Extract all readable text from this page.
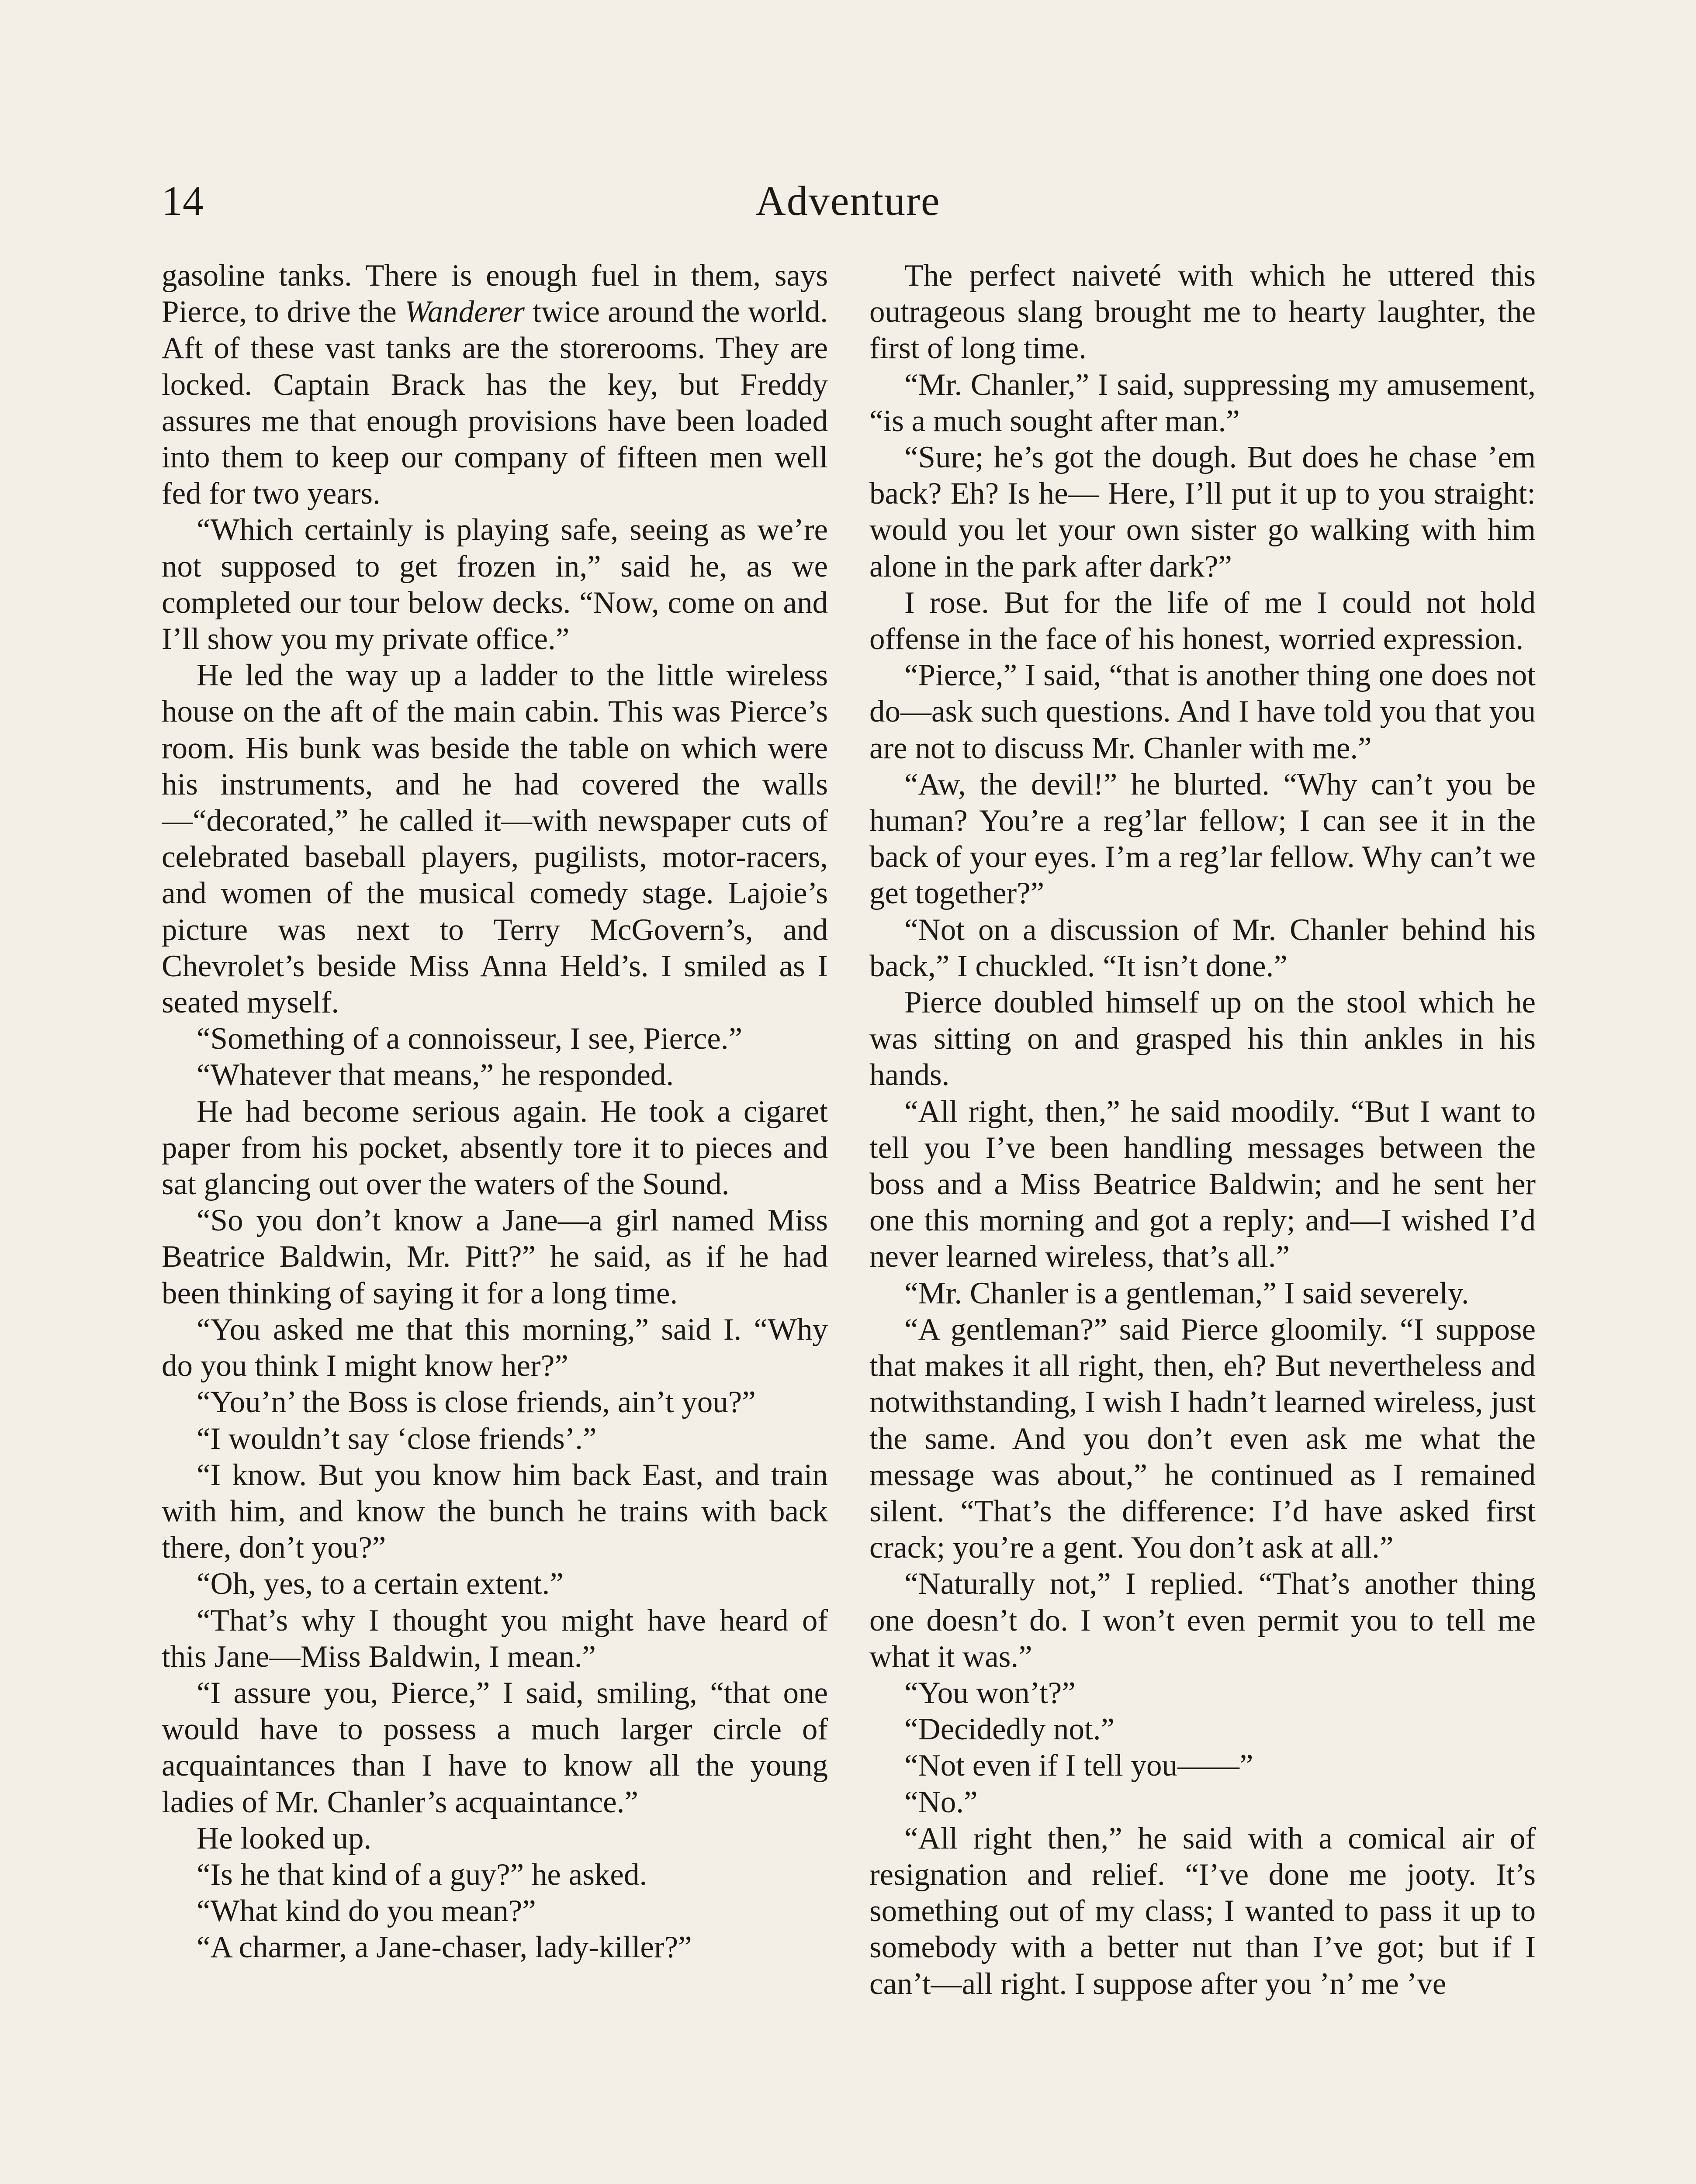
14	Adventure

gasoline tanks. There is enough fuel in them, says Pierce, to drive the Wanderer twice around the world. Aft of these vast tanks are the storerooms. They are locked. Captain Brack has the key, but Freddy assures me that enough provisions have been loaded into them to keep our company of fifteen men well fed for two years.

“Which certainly is playing safe, seeing as we’re not supposed to get frozen in,” said he, as we completed our tour below decks. “Now, come on and I’ll show you my private office.”

He led the way up a ladder to the little wireless house on the aft of the main cabin. This was Pierce’s room. His bunk was beside the table on which were his instruments, and he had covered the walls—“decorated,” he called it—with newspaper cuts of celebrated baseball players, pugilists, motor-racers, and women of the musical comedy stage. Lajoie’s picture was next to Terry McGovern’s, and Chevrolet’s beside Miss Anna Held’s. I smiled as I seated myself.

“Something of a connoisseur, I see, Pierce.”

“Whatever that means,” he responded.

He had become serious again. He took a cigaret paper from his pocket, absently tore it to pieces and sat glancing out over the waters of the Sound.

“So you don’t know a Jane—a girl named Miss Beatrice Baldwin, Mr. Pitt?” he said, as if he had been thinking of saying it for a long time.

“You asked me that this morning,” said I. “Why do you think I might know her?”

“You’n’ the Boss is close friends, ain’t you?”

“I wouldn’t say ‘close friends’.”

“I know. But you know him back East, and train with him, and know the bunch he trains with back there, don’t you?”

“Oh, yes, to a certain extent.”

“That’s why I thought you might have heard of this Jane—Miss Baldwin, I mean.”

“I assure you, Pierce,” I said, smiling, “that one would have to possess a much larger circle of acquaintances than I have to know all the young ladies of Mr. Chanler’s acquaintance.”

He looked up.

“Is he that kind of a guy?” he asked.

“What kind do you mean?”

“A charmer, a Jane-chaser, lady-killer?”

The perfect naiveté with which he uttered this outrageous slang brought me to hearty laughter, the first of long time.

“Mr. Chanler,” I said, suppressing my amusement, “is a much sought after man.”

“Sure; he’s got the dough. But does he chase ’em back? Eh? Is he— Here, I’ll put it up to you straight: would you let your own sister go walking with him alone in the park after dark?”

I rose. But for the life of me I could not hold offense in the face of his honest, worried expression.

“Pierce,” I said, “that is another thing one does not do—ask such questions. And I have told you that you are not to discuss Mr. Chanler with me.”

“Aw, the devil!” he blurted. “Why can’t you be human? You’re a reg’lar fellow; I can see it in the back of your eyes. I’m a reg’lar fellow. Why can’t we get together?”

“Not on a discussion of Mr. Chanler behind his back,” I chuckled. “It isn’t done.”

Pierce doubled himself up on the stool which he was sitting on and grasped his thin ankles in his hands.

“All right, then,” he said moodily. “But I want to tell you I’ve been handling messages between the boss and a Miss Beatrice Baldwin; and he sent her one this morning and got a reply; and—I wished I’d never learned wireless, that’s all.”

“Mr. Chanler is a gentleman,” I said severely.

“A gentleman?” said Pierce gloomily. “I suppose that makes it all right, then, eh? But nevertheless and notwithstanding, I wish I hadn’t learned wireless, just the same. And you don’t even ask me what the message was about,” he continued as I remained silent. “That’s the difference: I’d have asked first crack; you’re a gent. You don’t ask at all.”

“Naturally not,” I replied. “That’s another thing one doesn’t do. I won’t even permit you to tell me what it was.”

“You won’t?”

“Decidedly not.”

“Not even if I tell you——”

“No.”

“All right then,” he said with a comical air of resignation and relief. “I’ve done me jooty. It’s something out of my class; I wanted to pass it up to somebody with a better nut than I’ve got; but if I can’t—all right. I suppose after you ’n’ me ’ve
